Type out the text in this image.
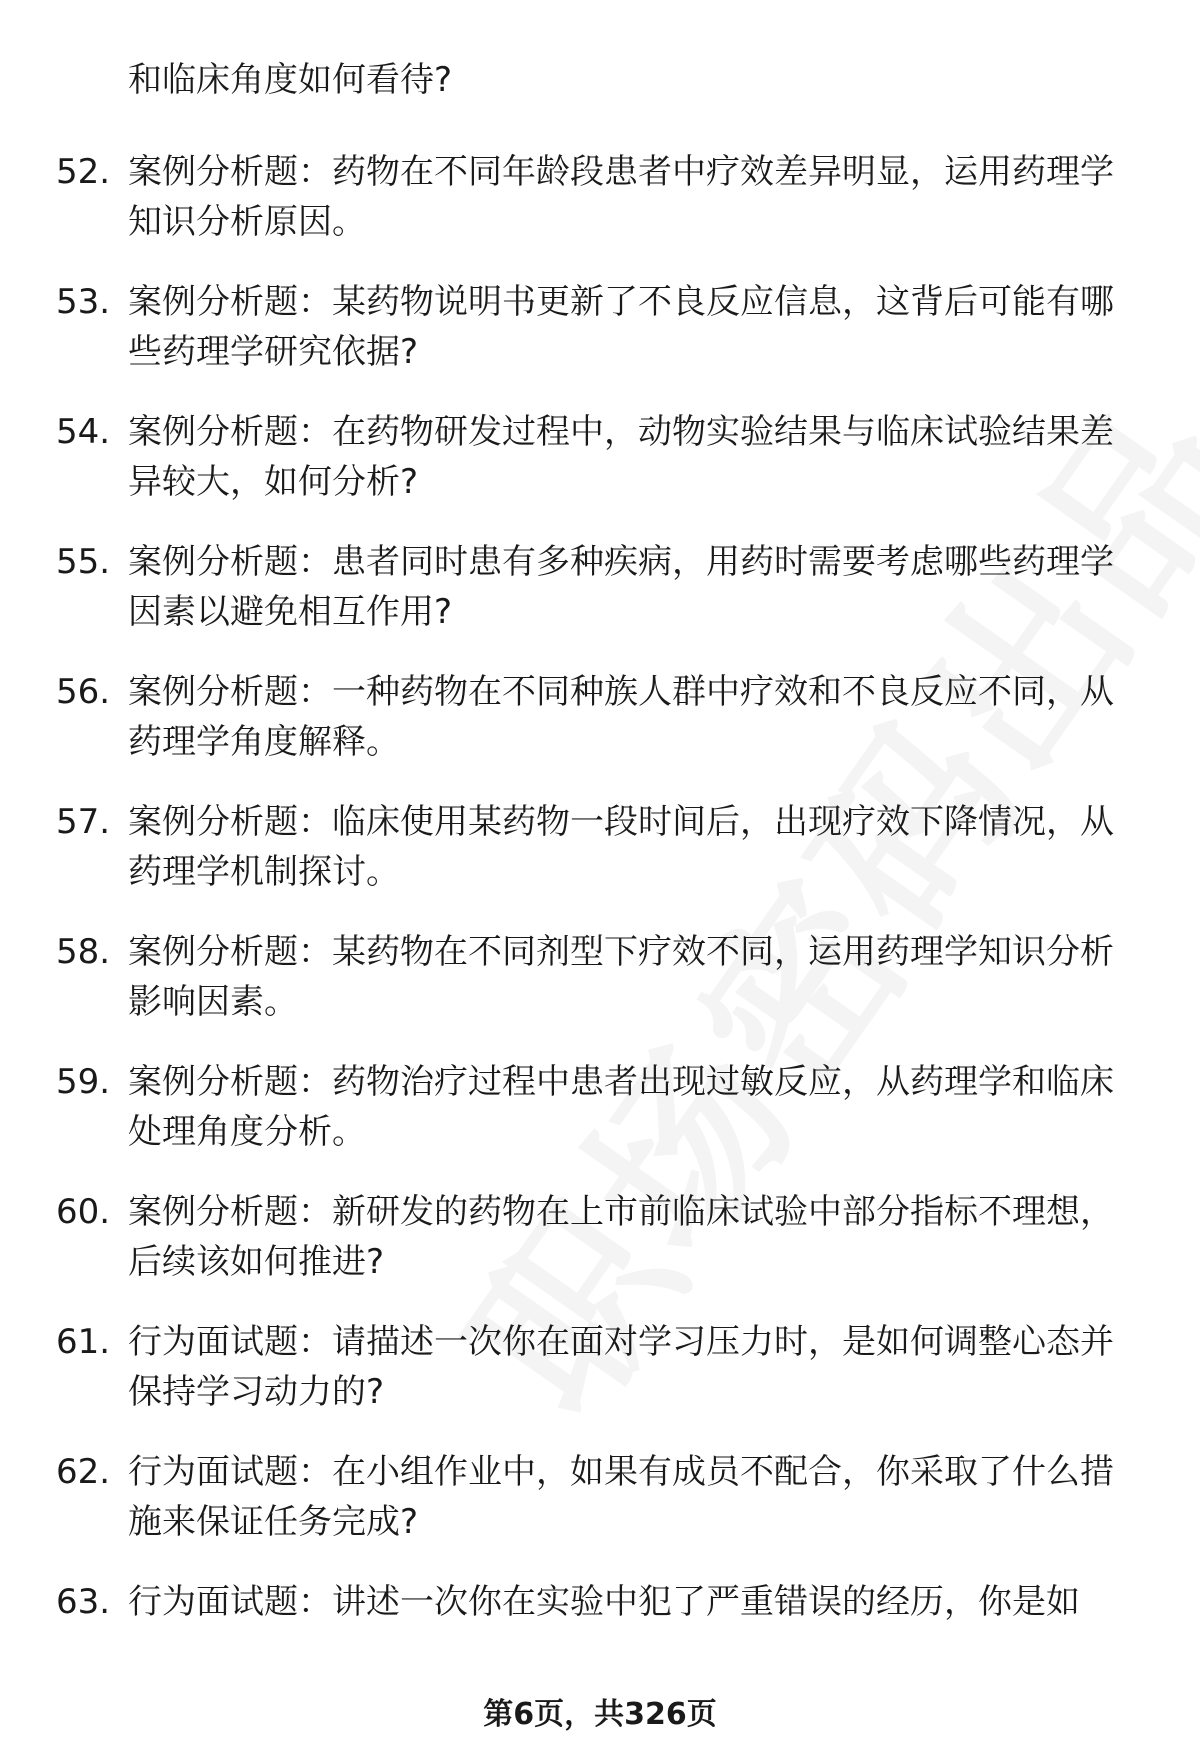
和临床角度如何看待?

52. 案例分析题：药物在不同年龄段患者中疗效差异明显，运用药理学知识分析原因。
53. 案例分析题：某药物说明书更新了不良反应信息，这背后可能有哪些药理学研究依据?
54. 案例分析题：在药物研发过程中，动物实验结果与临床试验结果差异较大，如何分析?
55. 案例分析题：患者同时患有多种疾病，用药时需要考虑哪些药理学因素以避免相互作用?
56. 案例分析题：一种药物在不同种族人群中疗效和不良反应不同，从药理学角度解释。
57. 案例分析题：临床使用某药物一段时间后，出现疗效下降情况，从药理学机制探讨。
58. 案例分析题：某药物在不同剂型下疗效不同，运用药理学知识分析影响因素。
59. 案例分析题：药物治疗过程中患者出现过敏反应，从药理学和临床处理角度分析。
60. 案例分析题：新研发的药物在上市前临床试验中部分指标不理想，后续该如何推进?
61. 行为面试题：请描述一次你在面对学习压力时，是如何调整心态并保持学习动力的?
62. 行为面试题：在小组作业中，如果有成员不配合，你采取了什么措施来保证任务完成?
63. 行为面试题：讲述一次你在实验中犯了严重错误的经历，你是如
第6页，共326页
